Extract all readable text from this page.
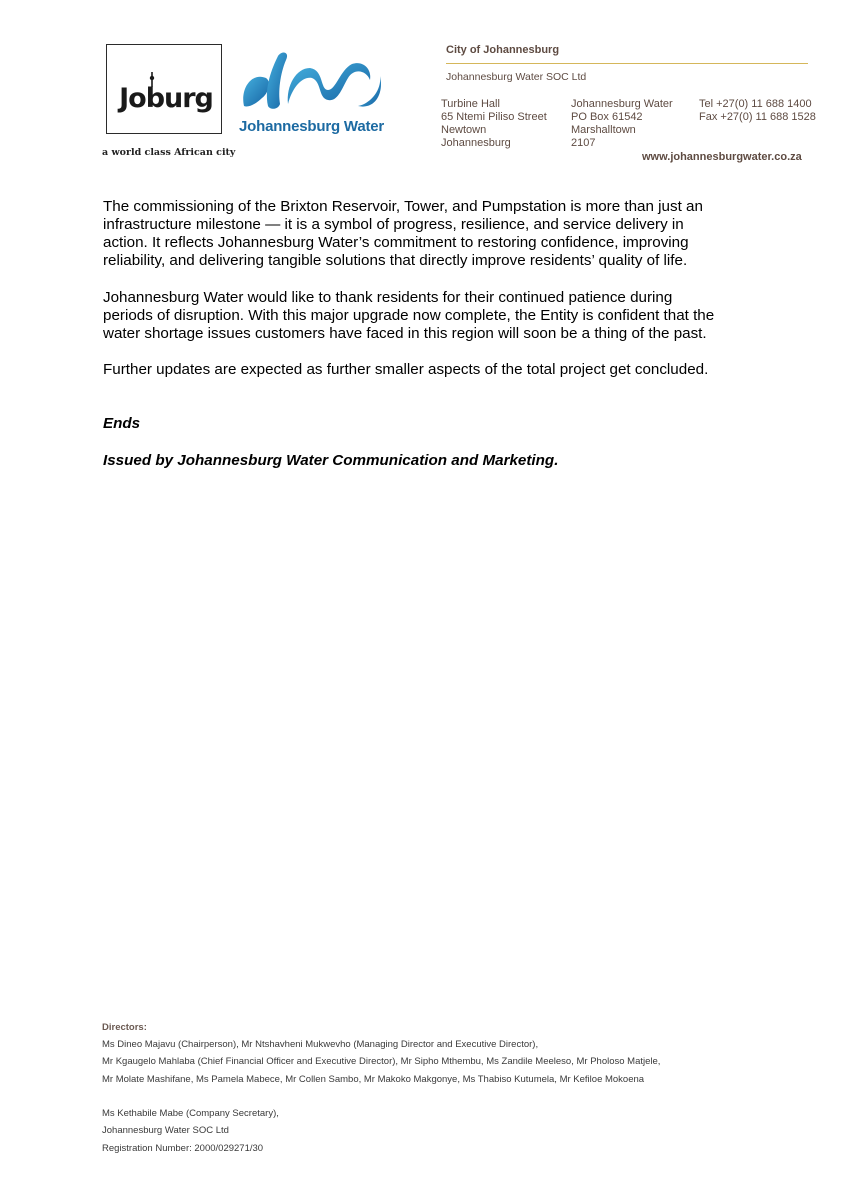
Joburg
a world class African city
Johannesburg Water
City of Johannesburg
Johannesburg Water SOC Ltd
Turbine Hall
65 Ntemi Piliso Street
Newtown
Johannesburg
Johannesburg Water
PO Box 61542
Marshalltown
2107
Tel +27(0) 11 688 1400
Fax +27(0) 11 688 1528
www.johannesburgwater.co.za
The commissioning of the Brixton Reservoir, Tower, and Pumpstation is more than just an
infrastructure milestone — it is a symbol of progress, resilience, and service delivery in
action. It reflects Johannesburg Water’s commitment to restoring confidence, improving
reliability, and delivering tangible solutions that directly improve residents’ quality of life.
Johannesburg Water would like to thank residents for their continued patience during
periods of disruption. With this major upgrade now complete, the Entity is confident that the
water shortage issues customers have faced in this region will soon be a thing of the past.
Further updates are expected as further smaller aspects of the total project get concluded.
Ends
Issued by Johannesburg Water Communication and Marketing.
Directors:
Ms Dineo Majavu (Chairperson), Mr Ntshavheni Mukwevho (Managing Director and Executive Director),
Mr Kgaugelo Mahlaba (Chief Financial Officer and Executive Director), Mr Sipho Mthembu, Ms Zandile Meeleso, Mr Pholoso Matjele,
Mr Molate Mashifane, Ms Pamela Mabece, Mr Collen Sambo, Mr Makoko Makgonye, Ms Thabiso Kutumela, Mr Kefiloe Mokoena
Ms Kethabile Mabe (Company Secretary),
Johannesburg Water SOC Ltd
Registration Number: 2000/029271/30
